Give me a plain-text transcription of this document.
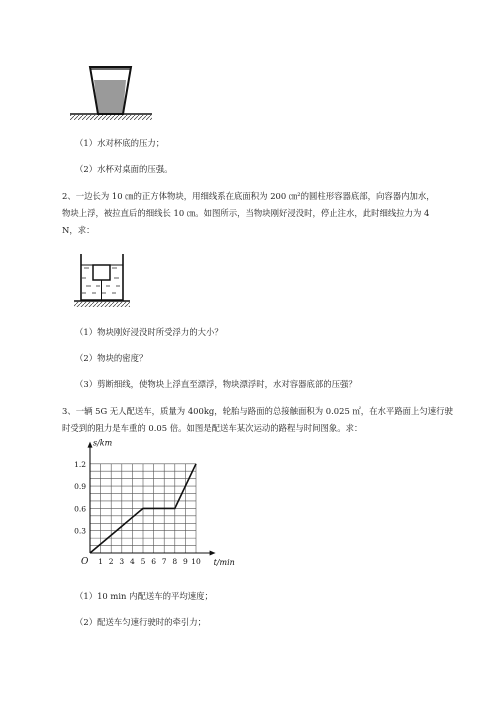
（1）水对杯底的压力；
（2）水杯对桌面的压强。
2、一边长为 10 ㎝的正方体物块，用细线系在底面积为 200 ㎝²的圆柱形容器底部，向容器内加水，
物块上浮，被拉直后的细线长 10 ㎝。如图所示，当物块刚好浸没时，停止注水，此时细线拉力为 4
N，求：
（1）物块刚好浸没时所受浮力的大小？
（2）物块的密度？
（3）剪断细线，使物块上浮直至漂浮，物块漂浮时，水对容器底部的压强？
3、一辆 5G 无人配送车，质量为 400kg，轮胎与路面的总接触面积为 0.025 ㎡，在水平路面上匀速行驶
时受到的阻力是车重的 0.05 倍。如图是配送车某次运动的路程与时间图象。求：
s/km
t/min
O 1 2 3 4 5 6 7 8 9 10
0.3
0.6
0.9
1.2
（1）10 min 内配送车的平均速度；
（2）配送车匀速行驶时的牵引力；
